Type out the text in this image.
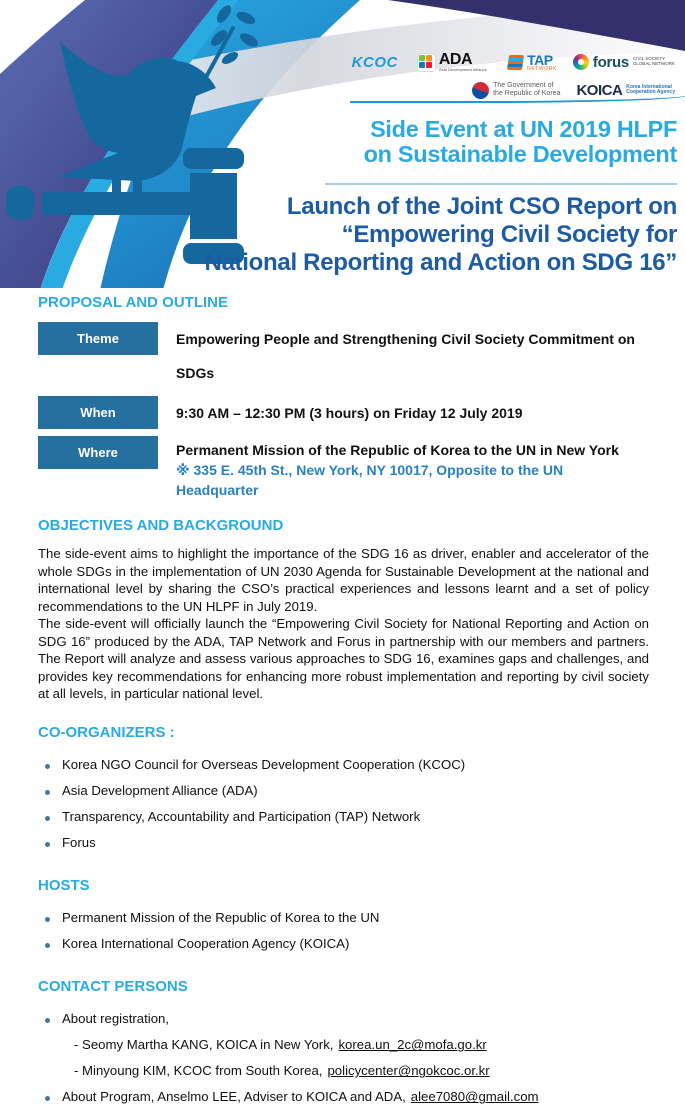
KCOC	ADA
Asia Development Alliance
TAP
NETWORK forus CIVIL SOCIETY
GLOBAL NETWORK
The Government of
the Republic of Korea KOICA Korea International
Cooperation Agency
Side Event at UN 2019 HLPF
on Sustainable Development
Launch of the Joint CSO Report on
“Empowering Civil Society for
National Reporting and Action on SDG 16”
PROPOSAL AND OUTLINE
Theme	Empowering People and Strengthening Civil Society Commitment on SDGs
When	9:30 AM – 12:30 PM (3 hours) on Friday 12 July 2019
Where	Permanent Mission of the Republic of Korea to the UN in New York
※ 335 E. 45th St., New York, NY 10017, Opposite to the UN Headquarter
OBJECTIVES AND BACKGROUND

The side-event aims to highlight the importance of the SDG 16 as driver, enabler and accelerator of the whole SDGs in the implementation of UN 2030 Agenda for Sustainable Development at the national and international level by sharing the CSO’s practical experiences and lessons learnt and a set of policy recommendations to the UN HLPF in July 2019.

The side-event will officially launch the “Empowering Civil Society for National Reporting and Action on SDG 16” produced by the ADA, TAP Network and Forus in partnership with our members and partners. The Report will analyze and assess various approaches to SDG 16, examines gaps and challenges, and provides key recommendations for enhancing more robust implementation and reporting by civil society at all levels, in particular national level.

CO-ORGANIZERS :
Korea NGO Council for Overseas Development Cooperation (KCOC)
Asia Development Alliance (ADA)
Transparency, Accountability and Participation (TAP) Network
Forus
HOSTS
Permanent Mission of the Republic of Korea to the UN
Korea International Cooperation Agency (KOICA)
CONTACT PERSONS
About registration,
- Seomy Martha KANG, KOICA in New York, korea.un_2c@mofa.go.kr
- Minyoung KIM, KCOC from South Korea, policycenter@ngokcoc.or.kr
About Program, Anselmo LEE, Adviser to KOICA and ADA, alee7080@gmail.com
